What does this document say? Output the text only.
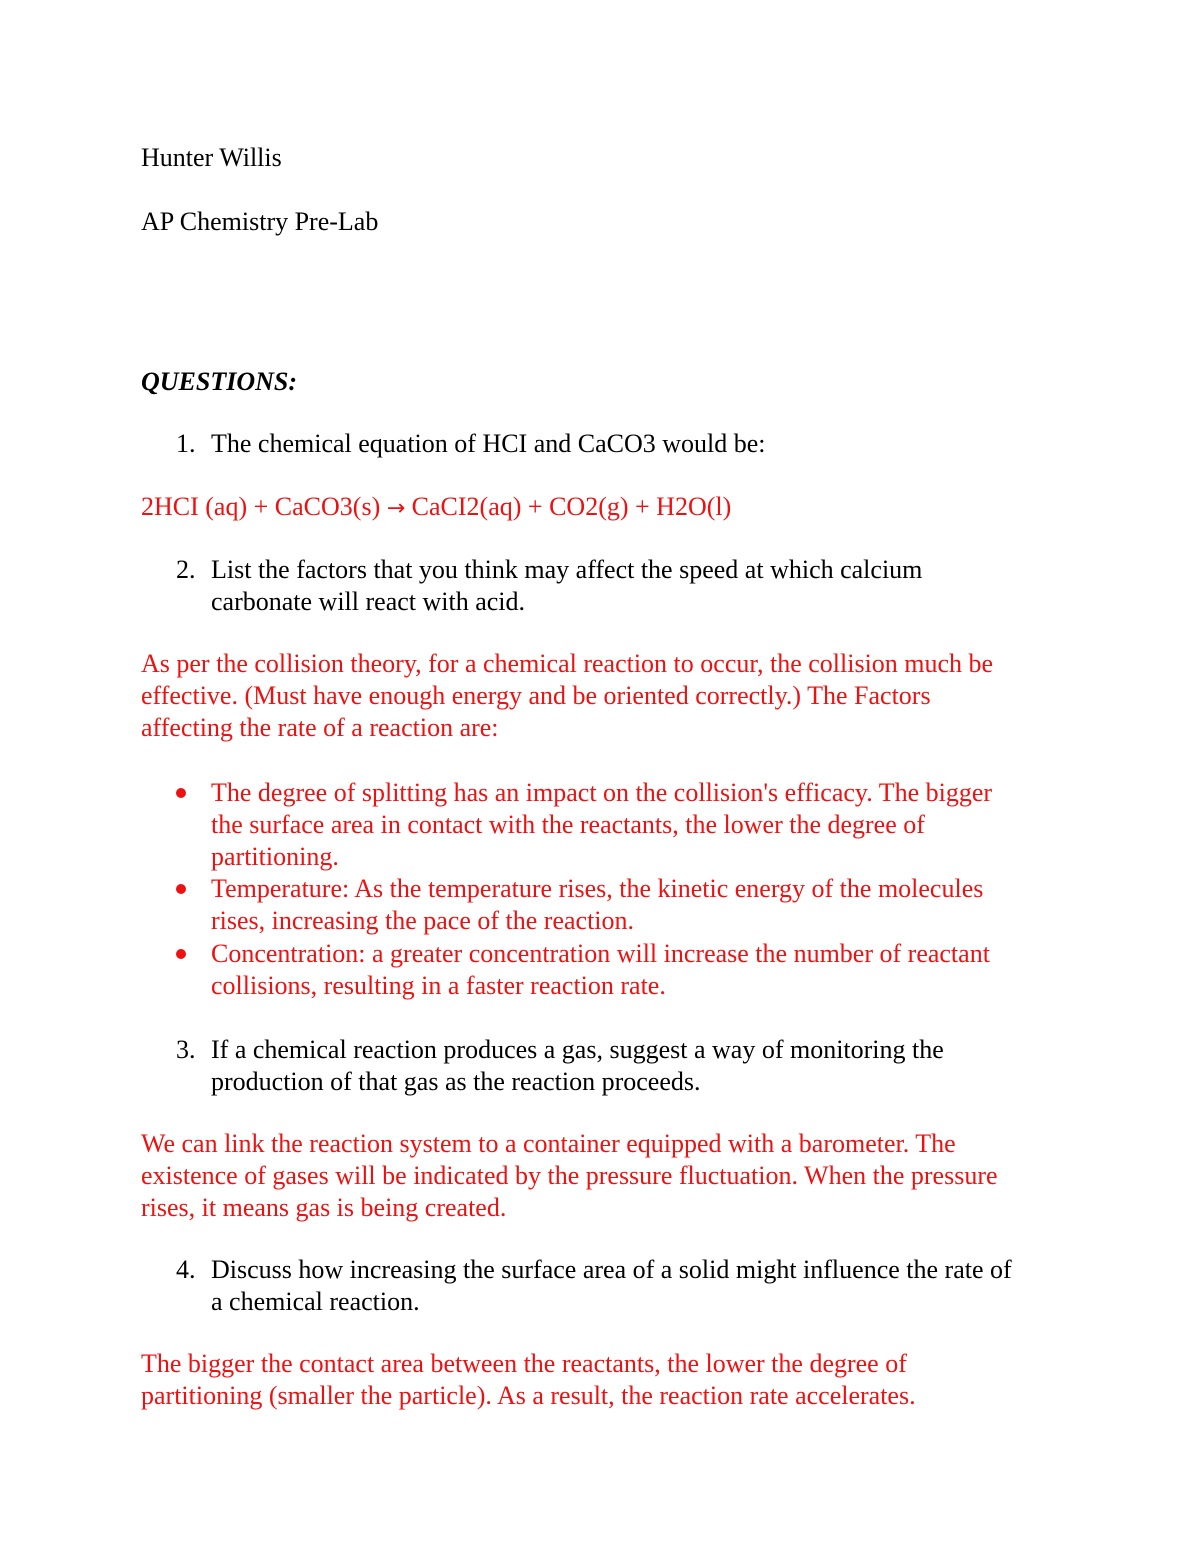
Hunter Willis
AP Chemistry Pre-Lab
QUESTIONS:
1. The chemical equation of HCI and CaCO3 would be:
2HCI (aq) + CaCO3(s) → CaCI2(aq) + CO2(g) + H2O(l)
2. List the factors that you think may affect the speed at which calcium
carbonate will react with acid.
As per the collision theory, for a chemical reaction to occur, the collision much be
effective. (Must have enough energy and be oriented correctly.) The Factors
affecting the rate of a reaction are:
The degree of splitting has an impact on the collision's efficacy. The bigger
the surface area in contact with the reactants, the lower the degree of
partitioning.
Temperature: As the temperature rises, the kinetic energy of the molecules
rises, increasing the pace of the reaction.
Concentration: a greater concentration will increase the number of reactant
collisions, resulting in a faster reaction rate.
3. If a chemical reaction produces a gas, suggest a way of monitoring the
production of that gas as the reaction proceeds.
We can link the reaction system to a container equipped with a barometer. The
existence of gases will be indicated by the pressure fluctuation. When the pressure
rises, it means gas is being created.
4. Discuss how increasing the surface area of a solid might influence the rate of
a chemical reaction.
The bigger the contact area between the reactants, the lower the degree of
partitioning (smaller the particle). As a result, the reaction rate accelerates.
